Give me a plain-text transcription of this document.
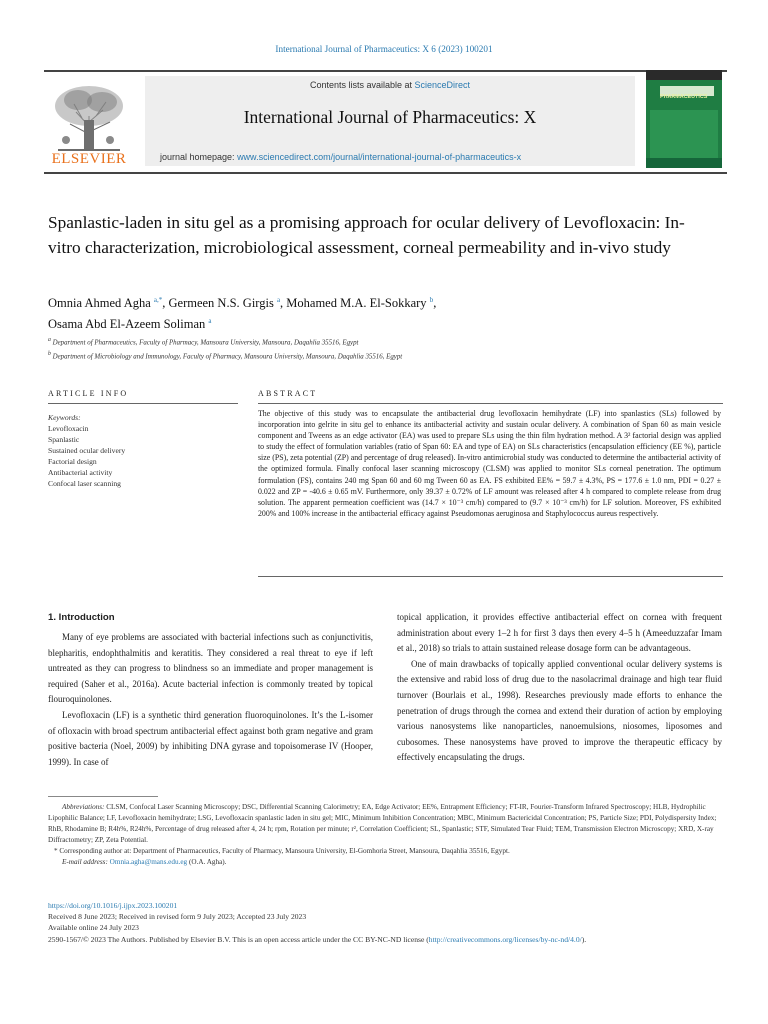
International Journal of Pharmaceutics: X 6 (2023) 100201
ELSEVIER
Contents lists available at ScienceDirect
International Journal of Pharmaceutics: X
journal homepage: www.sciencedirect.com/journal/international-journal-of-pharmaceutics-x
PHARMACEUTICS
Spanlastic-laden in situ gel as a promising approach for ocular delivery of Levofloxacin: In-vitro characterization, microbiological assessment, corneal permeability and in-vivo study
Omnia Ahmed Agha $^{a,*}$, Germeen N.S. Girgis $^a$, Mohamed M.A. El-Sokkary $^b$,
Osama Abd El-Azeem Soliman $^a$
$^a$ Department of Pharmaceutics, Faculty of Pharmacy, Mansoura University, Mansoura, Daqahlia 35516, Egypt
$^b$ Department of Microbiology and Immunology, Faculty of Pharmacy, Mansoura University, Mansoura, Daqahlia 35516, Egypt
ARTICLE INFO	ABSTRACT
Keywords:
Levofloxacin
Spanlastic
Sustained ocular delivery
Factorial design
Antibacterial activity
Confocal laser scanning
The objective of this study was to encapsulate the antibacterial drug levofloxacin hemihydrate (LF) into spanlastics (SLs) followed by incorporation into gelrite in situ gel to enhance its antibacterial activity and sustain ocular delivery. A combination of Span 60 as main vesicle component and Tweens as an edge activator (EA) was used to prepare SLs using the thin film hydration method. A 3² factorial design was applied to study the effect of formulation variables (ratio of Span 60: EA and type of EA) on SLs characteristics (encapsulation efficiency (EE %), particle size (PS), zeta potential (ZP) and percentage of drug released). In-vitro antimicrobial study was conducted to determine the antibacterial activity of the optimized formula. Finally confocal laser scanning microscopy (CLSM) was applied to monitor SLs corneal penetration. The optimum formulation (FS), contains 240 mg Span 60 and 60 mg Tween 60 as EA. FS exhibited EE% = 59.7 ± 4.3%, PS = 177.6 ± 1.0 nm, PDI = 0.27 ± 0.022 and ZP = -40.6 ± 0.65 mV. Furthermore, only 39.37 ± 0.72% of LF amount was released after 4 h compared to complete release from drug solution. The apparent permeation coefficient was (14.7 × 10⁻³ cm/h) compared to (9.7 × 10⁻³ cm/h) for LF solution. Moreover, FS exhibited 200% and 100% increase in the antibacterial efficacy against Pseudomonas aeruginosa and Staphylococcus aureus respectively.
1. Introduction

Many of eye problems are associated with bacterial infections such as conjunctivitis, blepharitis, endophthalmitis and keratitis. They considered a real threat to eye if left untreated as they can progress to blindness so an immediate and proper management is required (Saher et al., 2016a). Acute bacterial infection is commonly treated by topical flouroquinolones.

Levofloxacin (LF) is a synthetic third generation fluoroquinolones. It’s the L-isomer of ofloxacin with broad spectrum antibacterial effect against both gram negative and gram positive bacteria (Noel, 2009) by inhibiting DNA gyrase and topoisomerase IV (Hooper, 1999). In case of

topical application, it provides effective antibacterial effect on cornea with frequent administration about every 1–2 h for first 3 days then every 4–5 h (Ameeduzzafar Imam et al., 2018) so trials to attain sustained release dosage form can be advantageous.

One of main drawbacks of topically applied conventional ocular delivery systems is the extensive and rabid loss of drug due to the nasolacrimal drainage and high tear fluid turnover (Bourlais et al., 1998). Researches previously made efforts to enhance the penetration of drugs through the cornea and extend their duration of action by employing various nanosystems like nanoparticles, nanoemulsions, niosomes, liposomes and cubosomes. These nanosystems have proved to improve the therapeutic efficacy by effectively encapsulating the drugs.

Abbreviations: CLSM, Confocal Laser Scanning Microscopy; DSC, Differential Scanning Calorimetry; EA, Edge Activator; EE%, Entrapment Efficiency; FT-IR, Fourier-Transform Infrared Spectroscopy; HLB, Hydrophilic Lipophilic Balance; LF, Levofloxacin hemihydrate; LSG, Levofloxacin spanlastic laden in situ gel; MIC, Minimum Inhibition Concentration; MBC, Minimum Bactericidal Concentration; PS, Particle Size; PDI, Polydispersity Index; RhB, Rhodamine B; R4h%, R24h%, Percentage of drug released after 4, 24 h; rpm, Rotation per minute; r², Correlation Coefficient; SL, Spanlastic; STF, Simulated Tear Fluid; TEM, Transmission Electron Microscopy; XRD, X-ray Diffractometry; ZP, Zeta Potential.

* Corresponding author at: Department of Pharmaceutics, Faculty of Pharmacy, Mansoura University, El-Gomhoria Street, Mansoura, Daqahlia 35516, Egypt.

E-mail address: Omnia.agha@mans.edu.eg (O.A. Agha).

https://doi.org/10.1016/j.ijpx.2023.100201
Received 8 June 2023; Received in revised form 9 July 2023; Accepted 23 July 2023
Available online 24 July 2023
2590-1567/© 2023 The Authors. Published by Elsevier B.V. This is an open access article under the CC BY-NC-ND license (http://creativecommons.org/licenses/by-nc-nd/4.0/).
